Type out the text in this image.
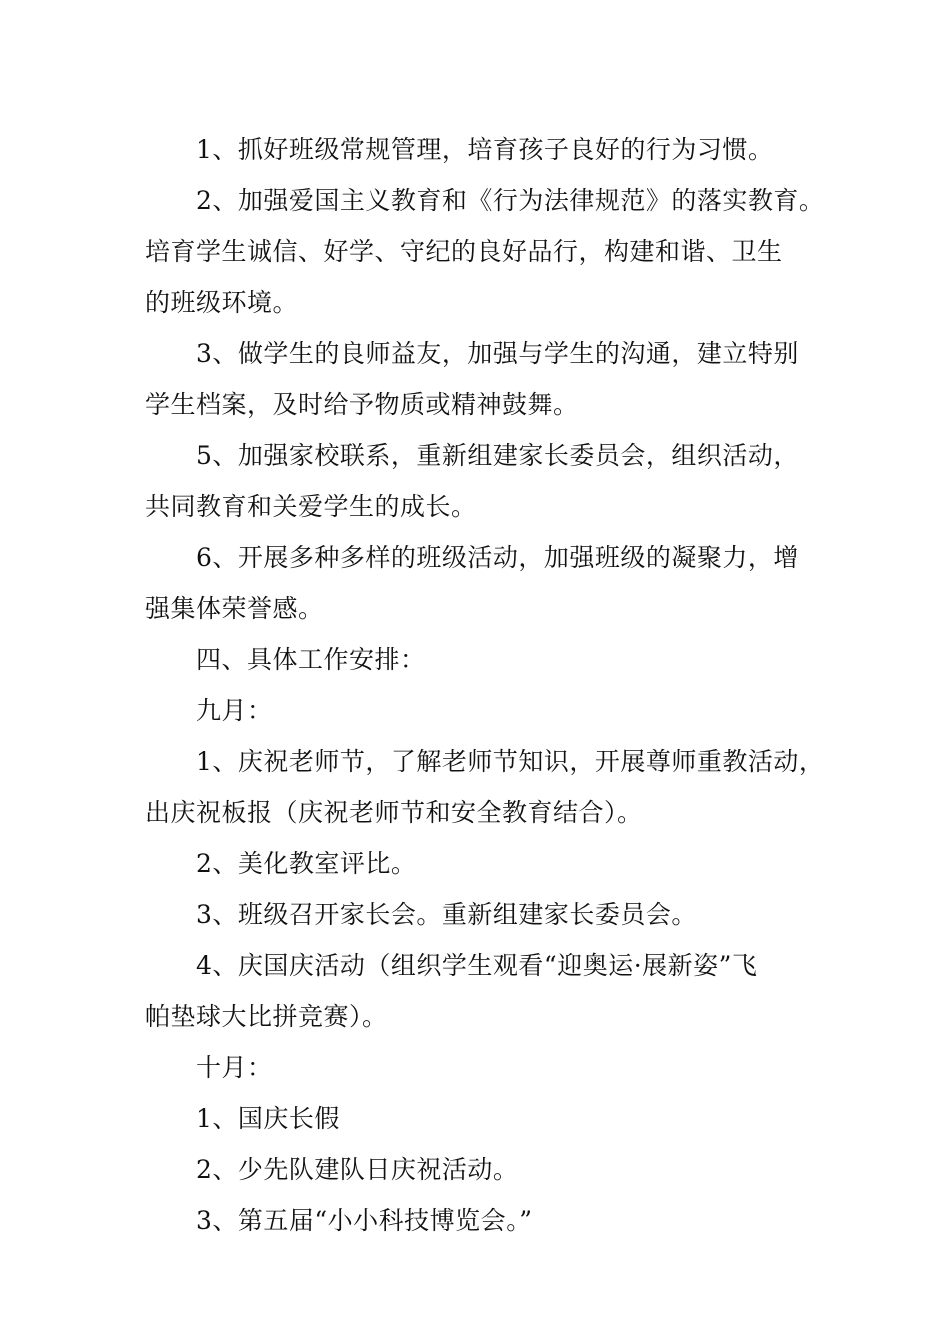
1、抓好班级常规管理，培育孩子良好的行为习惯。
2、加强爱国主义教育和《行为法律规范》的落实教育。
培育学生诚信、好学、守纪的良好品行，构建和谐、卫生
的班级环境。
3、做学生的良师益友，加强与学生的沟通，建立特别
学生档案，及时给予物质或精神鼓舞。
5、加强家校联系，重新组建家长委员会，组织活动，
共同教育和关爱学生的成长。
6、开展多种多样的班级活动，加强班级的凝聚力，增
强集体荣誉感。
四、具体工作安排：
九月：
1、庆祝老师节，了解老师节知识，开展尊师重教活动，
出庆祝板报（庆祝老师节和安全教育结合）。
2、美化教室评比。
3、班级召开家长会。重新组建家长委员会。
4、庆国庆活动（组织学生观看“迎奥运·展新姿”飞
帕垫球大比拼竞赛）。
十月：
1、国庆长假
2、少先队建队日庆祝活动。
3、第五届“小小科技博览会。”
